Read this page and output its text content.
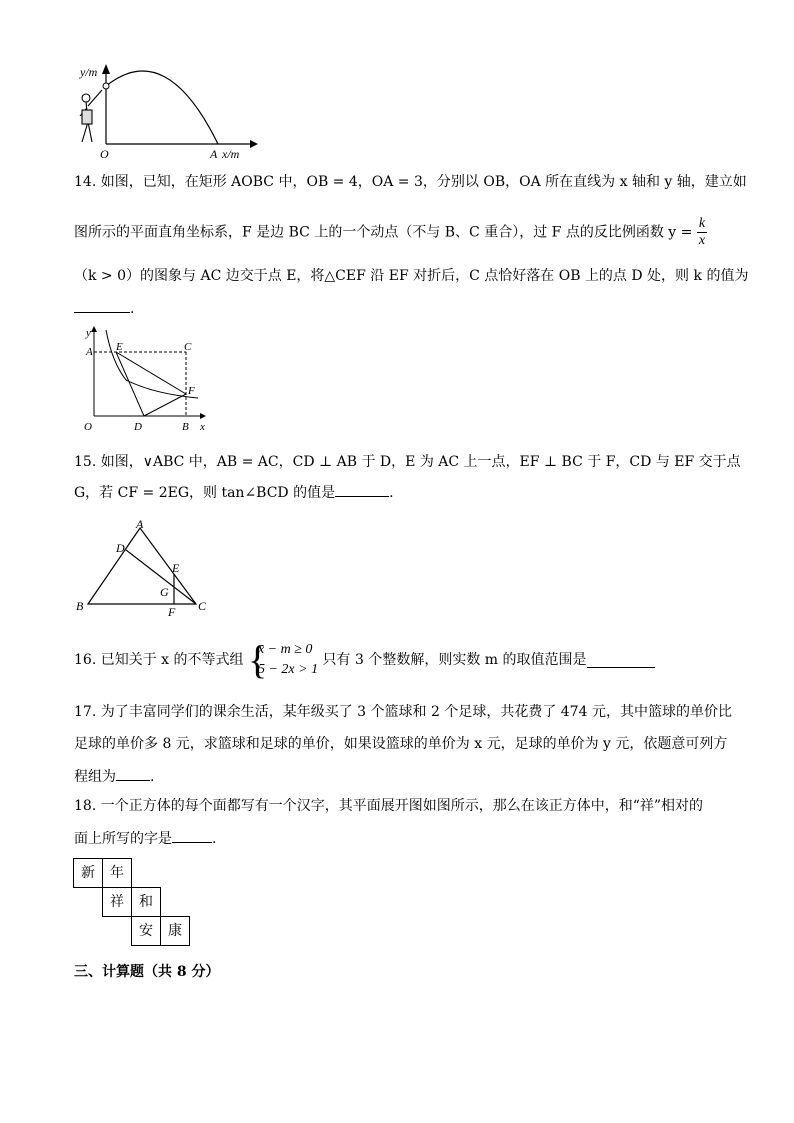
y/m
O	A x/m
14. 如图，已知，在矩形 AOBC 中，OB = 4，OA = 3，分别以 OB，OA 所在直线为 x 轴和 y 轴，建立如
图所示的平面直角坐标系，F 是边 BC 上的一个动点（不与 B、C 重合），过 F 点的反比例函数 $y = \frac{k}{x}$
（k > 0）的图象与 AC 边交于点 E，将△CEF 沿 EF 对折后，C 点恰好落在 OB 上的点 D 处，则 k 的值为
.
y
A E	C
F
O	D	B x
15. 如图，∨ABC 中，AB = AC，CD ⊥ AB 于 D，E 为 AC 上一点，EF ⊥ BC 于 F，CD 与 EF 交于点
G，若 CF = 2EG，则 tan∠BCD 的值是	.
A
D
E
G
B	F C
16. 已知关于 x 的不等式组 {
x − m ≥ 0
5 − 2x > 1
只有 3 个整数解，则实数 m 的取值范围是
17. 为了丰富同学们的课余生活，某年级买了 3 个篮球和 2 个足球，共花费了 474 元，其中篮球的单价比
足球的单价多 8 元，求篮球和足球的单价，如果设篮球的单价为 x 元，足球的单价为 y 元，依题意可列方
程组为 .
18. 一个正方体的每个面都写有一个汉字，其平面展开图如图所示，那么在该正方体中，和“祥”相对的
面上所写的字是	.
新	年
祥	和
安	康
三、计算题（共 8 分）
